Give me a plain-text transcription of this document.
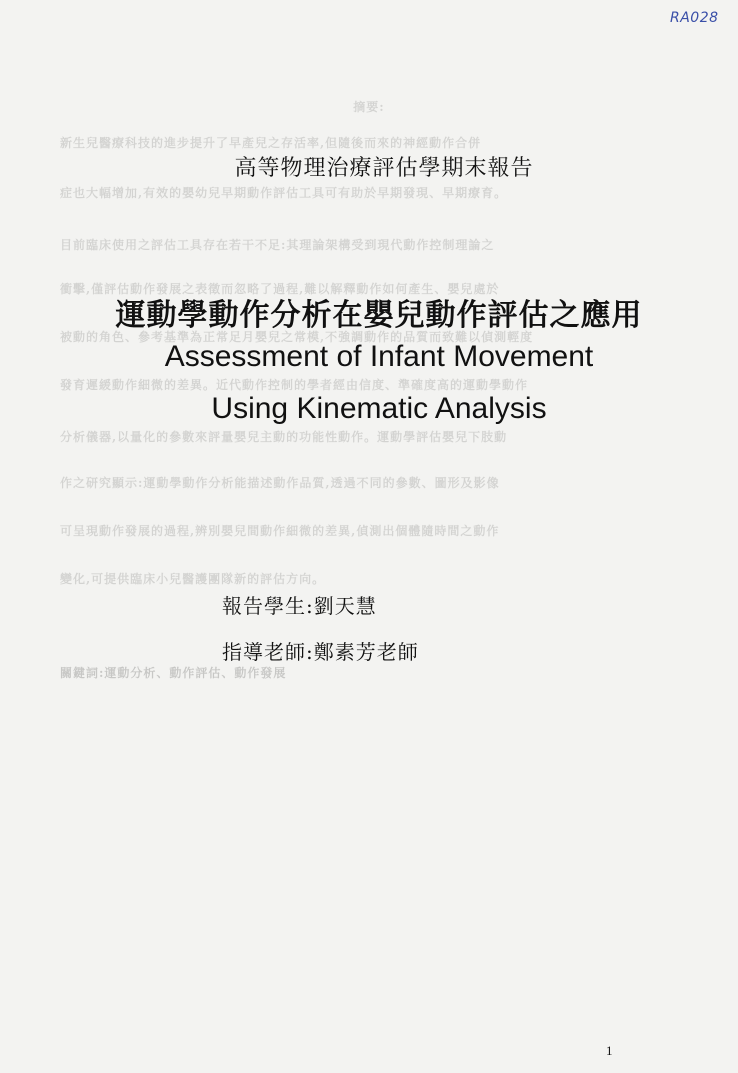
RA028
摘要:
新生兒醫療科技的進步提升了早產兒之存活率,但隨後而來的神經動作合併
症也大幅增加,有效的嬰幼兒早期動作評估工具可有助於早期發現、早期療育。
目前臨床使用之評估工具存在若干不足:其理論架構受到現代動作控制理論之
衝擊,僅評估動作發展之表徵而忽略了過程,難以解釋動作如何產生、嬰兒處於
被動的角色、參考基準為正常足月嬰兒之常模,不強調動作的品質而致難以偵測輕度
發育遲緩動作細微的差異。近代動作控制的學者經由信度、準確度高的運動學動作
分析儀器,以量化的參數來評量嬰兒主動的功能性動作。運動學評估嬰兒下肢動
作之研究顯示:運動學動作分析能描述動作品質,透過不同的參數、圖形及影像
可呈現動作發展的過程,辨別嬰兒間動作細微的差異,偵測出個體隨時間之動作
變化,可提供臨床小兒醫護團隊新的評估方向。
關鍵詞:運動分析、動作評估、動作發展
高等物理治療評估學期末報告
運動學動作分析在嬰兒動作評估之應用
Assessment of Infant Movement
Using Kinematic Analysis
報告學生:劉天慧
指導老師:鄭素芳老師
1
